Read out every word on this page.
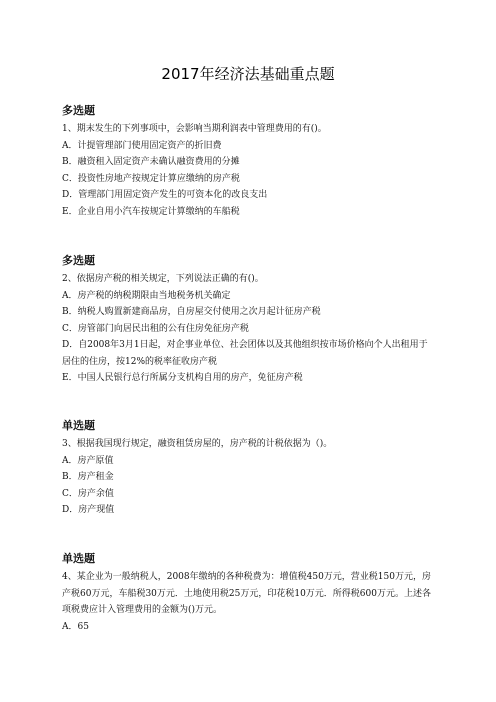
2017年经济法基础重点题
多选题
1、期末发生的下列事项中，会影响当期利润表中管理费用的有()。
A．计提管理部门使用固定资产的折旧费
B．融资租入固定资产未确认融资费用的分摊
C．投资性房地产按规定计算应缴纳的房产税
D．管理部门用固定资产发生的可资本化的改良支出
E．企业自用小汽车按规定计算缴纳的车船税
多选题
2、依据房产税的相关规定，下列说法正确的有()。
A．房产税的纳税期限由当地税务机关确定
B．纳税人购置新建商品房，自房屋交付使用之次月起计征房产税
C．房管部门向居民出租的公有住房免征房产税
D．自2008年3月1日起，对企事业单位、社会团体以及其他组织按市场价格向个人出租用于居住的住房，按12%的税率征收房产税
E．中国人民银行总行所属分支机构自用的房产，免征房产税
单选题
3、根据我国现行规定，融资租赁房屋的，房产税的计税依据为（)。
A．房产原值
B．房产租金
C．房产余值
D．房产现值
单选题
4、某企业为一般纳税人，2008年缴纳的各种税费为：增值税450万元，营业税150万元，房产税60万元，车船税30万元．土地使用税25万元，印花税10万元．所得税600万元。上述各项税费应计入管理费用的金额为()万元。
A．65
